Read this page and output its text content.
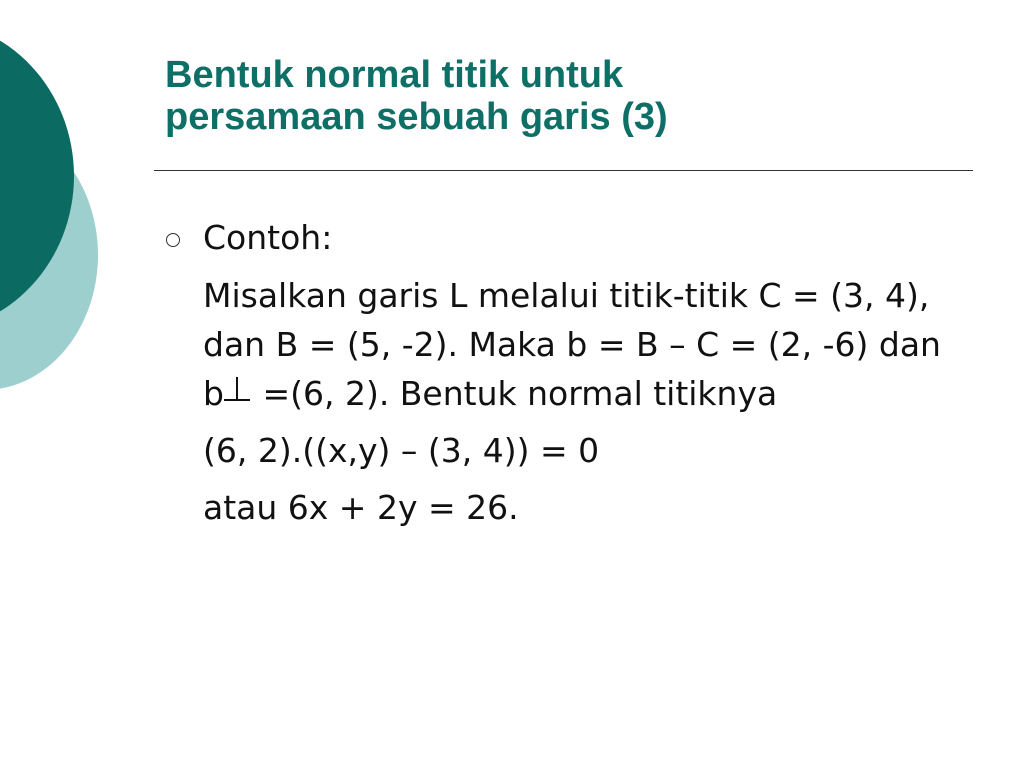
Bentuk normal titik untuk
persamaan sebuah garis (3)
Contoh:
Misalkan garis L melalui titik-titik C = (3, 4), dan B = (5, -2). Maka b = B – C = (2, -6) dan b
=(6, 2). Bentuk normal titiknya
(6, 2).((x,y) – (3, 4)) = 0
atau 6x + 2y = 26.
